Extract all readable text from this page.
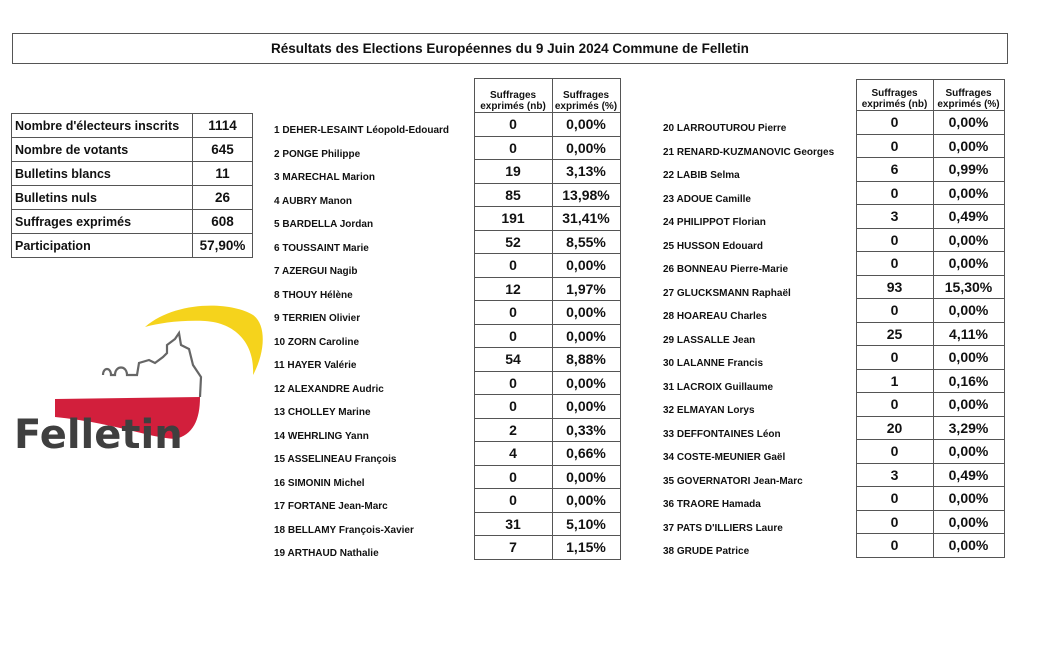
Résultats des Elections Européennes du 9 Juin 2024 Commune de Felletin
Nombre d'électeurs inscrits	1114
Nombre de votants	645
Bulletins blancs	11
Bulletins nuls	26
Suffrages exprimés	608
Participation	57,90%
	Suffrages exprimés (nb)	Suffrages exprimés (%)
1 DEHER-LESAINT Léopold-Edouard	0	0,00%
2 PONGE Philippe	0	0,00%
3 MARECHAL Marion	19	3,13%
4 AUBRY Manon	85	13,98%
5 BARDELLA Jordan	191	31,41%
6 TOUSSAINT Marie	52	8,55%
7 AZERGUI Nagib	0	0,00%
8 THOUY Hélène	12	1,97%
9 TERRIEN Olivier	0	0,00%
10 ZORN Caroline	0	0,00%
11 HAYER Valérie	54	8,88%
12 ALEXANDRE Audric	0	0,00%
13 CHOLLEY Marine	0	0,00%
14 WEHRLING Yann	2	0,33%
15 ASSELINEAU François	4	0,66%
16 SIMONIN Michel	0	0,00%
17 FORTANE Jean-Marc	0	0,00%
18 BELLAMY François-Xavier	31	5,10%
19 ARTHAUD Nathalie	7	1,15%
	Suffrages exprimés (nb)	Suffrages exprimés (%)
20 LARROUTUROU Pierre	0	0,00%
21 RENARD-KUZMANOVIC Georges	0	0,00%
22 LABIB Selma	6	0,99%
23 ADOUE Camille	0	0,00%
24 PHILIPPOT Florian	3	0,49%
25 HUSSON Edouard	0	0,00%
26 BONNEAU Pierre-Marie	0	0,00%
27 GLUCKSMANN Raphaël	93	15,30%
28 HOAREAU Charles	0	0,00%
29 LASSALLE Jean	25	4,11%
30 LALANNE Francis	0	0,00%
31 LACROIX Guillaume	1	0,16%
32 ELMAYAN Lorys	0	0,00%
33 DEFFONTAINES Léon	20	3,29%
34 COSTE-MEUNIER Gaël	0	0,00%
35 GOVERNATORI Jean-Marc	3	0,49%
36 TRAORE Hamada	0	0,00%
37 PATS D'ILLIERS Laure	0	0,00%
38 GRUDE Patrice	0	0,00%
Felletin
